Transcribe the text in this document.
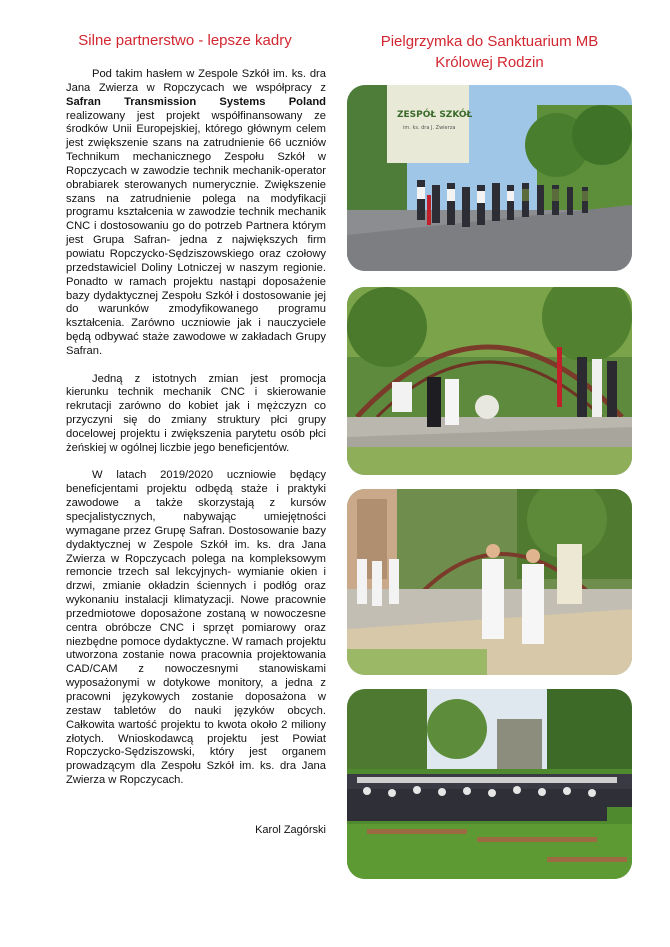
Silne partnerstwo - lepsze kadry	Pielgrzymka do Sanktuarium MB
Królowej Rodzin

Pod takim hasłem w Zespole Szkół im. ks. dra Jana Zwierza w Ropczycach we współpracy z Safran Transmission Systems Poland realizowany jest projekt współfinansowany ze środków Unii Europejskiej, którego głównym celem jest zwiększenie szans na zatrudnienie 66 uczniów Technikum mechanicznego Zespołu Szkół w Ropczycach w zawodzie technik mechanik-operator obrabiarek sterowanych numerycznie. Zwiększenie szans na zatrudnienie polega na modyfikacji programu kształcenia w zawodzie technik mechanik CNC i dostosowaniu go do potrzeb Partnera którym jest Grupa Safran- jedna z największych firm powiatu Ropczycko-Sędziszowskiego oraz czołowy przedstawiciel Doliny Lotniczej w naszym regionie. Ponadto w ramach projektu nastąpi doposażenie bazy dydaktycznej Zespołu Szkół i dostosowanie jej do warunków zmodyfikowanego programu kształcenia. Zarówno uczniowie jak i nauczyciele będą odbywać staże zawodowe w zakładach Grupy Safran.

Jedną z istotnych zmian jest promocja kierunku technik mechanik CNC i skierowanie rekrutacji zarówno do kobiet jak i mężczyzn co przyczyni się do zmiany struktury płci grupy docelowej projektu i zwiększenia parytetu osób płci żeńskiej w ogólnej liczbie jego beneficjentów.

W latach 2019/2020 uczniowie będący beneficjentami projektu odbędą staże i praktyki zawodowe a także skorzystają z kursów specjalistycznych, nabywając umiejętności wymagane przez Grupę Safran. Dostosowanie bazy dydaktycznej w Zespole Szkół im. ks. dra Jana Zwierza w Ropczycach polega na kompleksowym remoncie trzech sal lekcyjnych- wymianie okien i drzwi, zmianie okładzin ściennych i podłóg oraz wykonaniu instalacji klimatyzacji. Nowe pracownie przedmiotowe doposażone zostaną w nowoczesne centra obróbcze CNC i sprzęt pomiarowy oraz niezbędne pomoce dydaktyczne. W ramach projektu utworzona zostanie nowa pracownia projektowania CAD/CAM z nowoczesnymi stanowiskami wyposażonymi w dotykowe monitory, a jedna z pracowni językowych zostanie doposażona w zestaw tabletów do nauki języków obcych. Całkowita wartość projektu to kwota około 2 miliony złotych. Wnioskodawcą projektu jest Powiat Ropczycko-Sędziszowski, który jest organem prowadzącym dla Zespołu Szkół im. ks. dra Jana Zwierza w Ropczycach.

Karol Zagórski
ZESPÓŁ SZKÓŁ
im. ks. dra J. Zwierza
